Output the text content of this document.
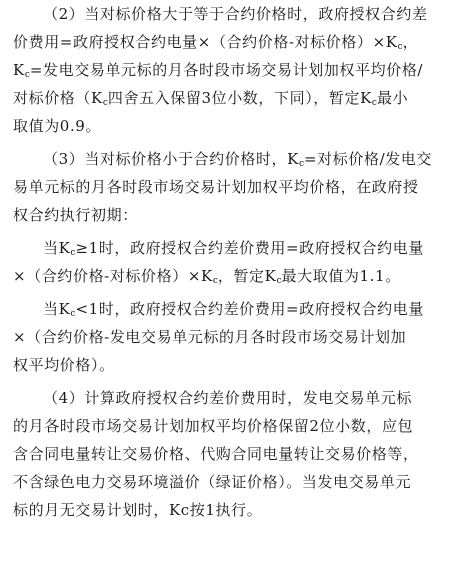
（2）当对标价格大于等于合约价格时，政府授权合约差
价费用=政府授权合约电量×（合约价格-对标价格）$\times K_c$，
$K_c=$发电交易单元标的月各时段市场交易计划加权平均价格/
对标价格（$K_c$四舍五入保留3位小数，下同），暂定$K_c$最小
取值为0.9。
（3）当对标价格小于合约价格时，$K_c=$对标价格/发电交
易单元标的月各时段市场交易计划加权平均价格，在政府授
权合约执行初期：
当$K_c\ge 1$时，政府授权合约差价费用=政府授权合约电量
×（合约价格-对标价格）$\times K_c$，暂定$K_c$最大取值为1.1。
当$K_c<1$时，政府授权合约差价费用=政府授权合约电量
×（合约价格-发电交易单元标的月各时段市场交易计划加
权平均价格）。
（4）计算政府授权合约差价费用时，发电交易单元标
的月各时段市场交易计划加权平均价格保留2位小数，应包
含合同电量转让交易价格、代购合同电量转让交易价格等，
不含绿色电力交易环境溢价（绿证价格）。当发电交易单元
标的月无交易计划时，Kc按1执行。
